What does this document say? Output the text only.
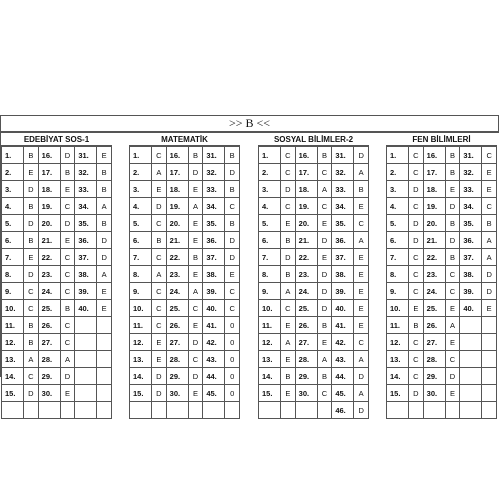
>> B <<
EDEBİYAT SOS-1
1.	B	16.	D	31.	E
2.	E	17.	B	32.	B
3.	D	18.	E	33.	B
4.	B	19.	C	34.	A
5.	D	20.	D	35.	B
6.	B	21.	E	36.	D
7.	E	22.	C	37.	D
8.	D	23.	C	38.	A
9.	C	24.	C	39.	E
10.	C	25.	B	40.	E
11.	B	26.	C		
12.	B	27.	C		
13.	A	28.	A		
14.	C	29.	D		
15.	D	30.	E		

MATEMATİK
1.	C	16.	B	31.	B
2.	A	17.	D	32.	D
3.	E	18.	E	33.	B
4.	D	19.	A	34.	C
5.	C	20.	E	35.	B
6.	B	21.	E	36.	D
7.	C	22.	B	37.	D
8.	A	23.	E	38.	E
9.	C	24.	A	39.	C
10.	C	25.	C	40.	C
11.	C	26.	E	41.	0
12.	E	27.	D	42.	0
13.	E	28.	C	43.	0
14.	D	29.	D	44.	0
15.	D	30.	E	45.	0

SOSYAL BİLİMLER-2
1.	C	16.	B	31.	D
2.	C	17.	C	32.	A
3.	D	18.	A	33.	B
4.	C	19.	C	34.	E
5.	E	20.	E	35.	C
6.	B	21.	D	36.	A
7.	D	22.	E	37.	E
8.	B	23.	D	38.	E
9.	A	24.	D	39.	E
10.	C	25.	D	40.	E
11.	E	26.	B	41.	E
12.	A	27.	E	42.	C
13.	E	28.	A	43.	A
14.	B	29.	B	44.	D
15.	E	30.	C	45.	A
				46.	D
FEN BİLİMLERİ
1.	C	16.	B	31.	C
2.	C	17.	B	32.	E
3.	D	18.	E	33.	E
4.	C	19.	D	34.	C
5.	D	20.	B	35.	B
6.	D	21.	D	36.	A
7.	C	22.	B	37.	A
8.	C	23.	C	38.	D
9.	C	24.	C	39.	D
10.	E	25.	E	40.	E
11.	B	26.	A		
12.	C	27.	E		
13.	C	28.	C		
14.	C	29.	D		
15.	D	30.	E		
